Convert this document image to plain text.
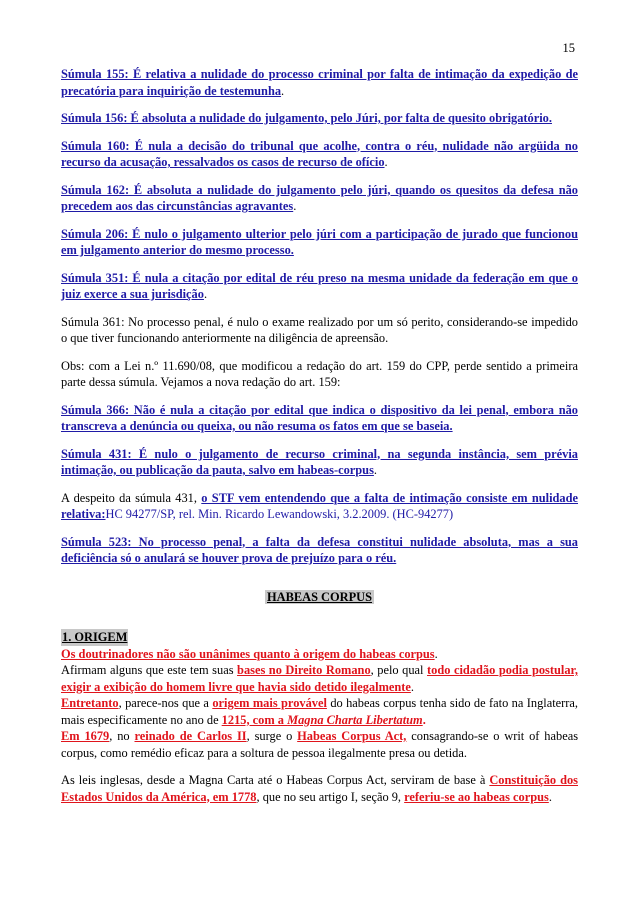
15

Súmula 155: É relativa a nulidade do processo criminal por falta de intimação da expedição de precatória para inquirição de testemunha.

Súmula 156: É absoluta a nulidade do julgamento, pelo Júri, por falta de quesito obrigatório.

Súmula 160: É nula a decisão do tribunal que acolhe, contra o réu, nulidade não argüida no recurso da acusação, ressalvados os casos de recurso de ofício.

Súmula 162: É absoluta a nulidade do julgamento pelo júri, quando os quesitos da defesa não precedem aos das circunstâncias agravantes.

Súmula 206: É nulo o julgamento ulterior pelo júri com a participação de jurado que funcionou em julgamento anterior do mesmo processo.

Súmula 351: É nula a citação por edital de réu preso na mesma unidade da federação em que o juiz exerce a sua jurisdição.

Súmula 361: No processo penal, é nulo o exame realizado por um só perito, considerando-se impedido o que tiver funcionando anteriormente na diligência de apreensão.

Obs: com a Lei n.º 11.690/08, que modificou a redação do art. 159 do CPP, perde sentido a primeira parte dessa súmula. Vejamos a nova redação do art. 159:

Súmula 366: Não é nula a citação por edital que indica o dispositivo da lei penal, embora não transcreva a denúncia ou queixa, ou não resuma os fatos em que se baseia.

Súmula 431: É nulo o julgamento de recurso criminal, na segunda instância, sem prévia intimação, ou publicação da pauta, salvo em habeas-corpus.

A despeito da súmula 431, o STF vem entendendo que a falta de intimação consiste em nulidade relativa:HC 94277/SP, rel. Min. Ricardo Lewandowski, 3.2.2009. (HC-94277)

Súmula 523: No processo penal, a falta da defesa constitui nulidade absoluta, mas a sua deficiência só o anulará se houver prova de prejuízo para o réu.

HABEAS CORPUS
1. ORIGEM

Os doutrinadores não são unânimes quanto à origem do habeas corpus.

Afirmam alguns que este tem suas bases no Direito Romano, pelo qual todo cidadão podia postular, exigir a exibição do homem livre que havia sido detido ilegalmente.

Entretanto, parece-nos que a origem mais provável do habeas corpus tenha sido de fato na Inglaterra, mais especificamente no ano de 1215, com a Magna Charta Libertatum.

Em 1679, no reinado de Carlos II, surge o Habeas Corpus Act, consagrando-se o writ of habeas corpus, como remédio eficaz para a soltura de pessoa ilegalmente presa ou detida.

As leis inglesas, desde a Magna Carta até o Habeas Corpus Act, serviram de base à Constituição dos Estados Unidos da América, em 1778, que no seu artigo I, seção 9, referiu-se ao habeas corpus.
